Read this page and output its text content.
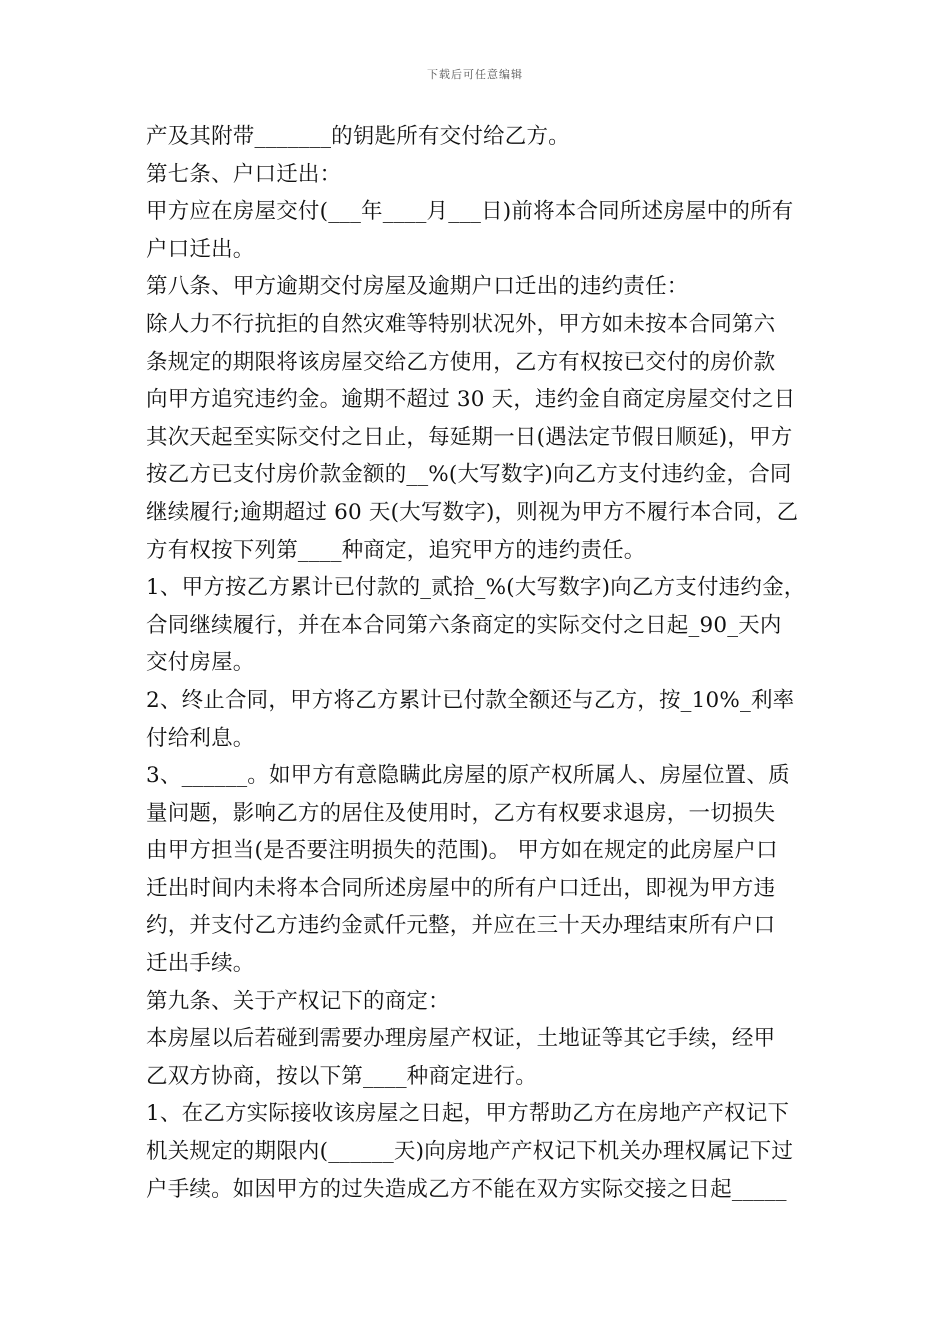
下载后可任意编辑
产及其附带_______的钥匙所有交付给乙方。
第七条、户口迁出：
甲方应在房屋交付(___年____月___日)前将本合同所述房屋中的所有
户口迁出。
第八条、甲方逾期交付房屋及逾期户口迁出的违约责任：
除人力不行抗拒的自然灾难等特别状况外，甲方如未按本合同第六
条规定的期限将该房屋交给乙方使用，乙方有权按已交付的房价款
向甲方追究违约金。逾期不超过 30 天，违约金自商定房屋交付之日
其次天起至实际交付之日止，每延期一日(遇法定节假日顺延)，甲方
按乙方已支付房价款金额的__%(大写数字)向乙方支付违约金，合同
继续履行;逾期超过 60 天(大写数字)，则视为甲方不履行本合同，乙
方有权按下列第____种商定，追究甲方的违约责任。
1、甲方按乙方累计已付款的_贰拾_%(大写数字)向乙方支付违约金，
合同继续履行，并在本合同第六条商定的实际交付之日起_90_天内
交付房屋。
2、终止合同，甲方将乙方累计已付款全额还与乙方，按_10%_利率
付给利息。
3、______。如甲方有意隐瞒此房屋的原产权所属人、房屋位置、质
量问题，影响乙方的居住及使用时，乙方有权要求退房，一切损失
由甲方担当(是否要注明损失的范围)。 甲方如在规定的此房屋户口
迁出时间内未将本合同所述房屋中的所有户口迁出，即视为甲方违
约，并支付乙方违约金贰仟元整，并应在三十天办理结束所有户口
迁出手续。
第九条、关于产权记下的商定：
本房屋以后若碰到需要办理房屋产权证，土地证等其它手续，经甲
乙双方协商，按以下第____种商定进行。
1、在乙方实际接收该房屋之日起，甲方帮助乙方在房地产产权记下
机关规定的期限内(______天)向房地产产权记下机关办理权属记下过
户手续。如因甲方的过失造成乙方不能在双方实际交接之日起_____
